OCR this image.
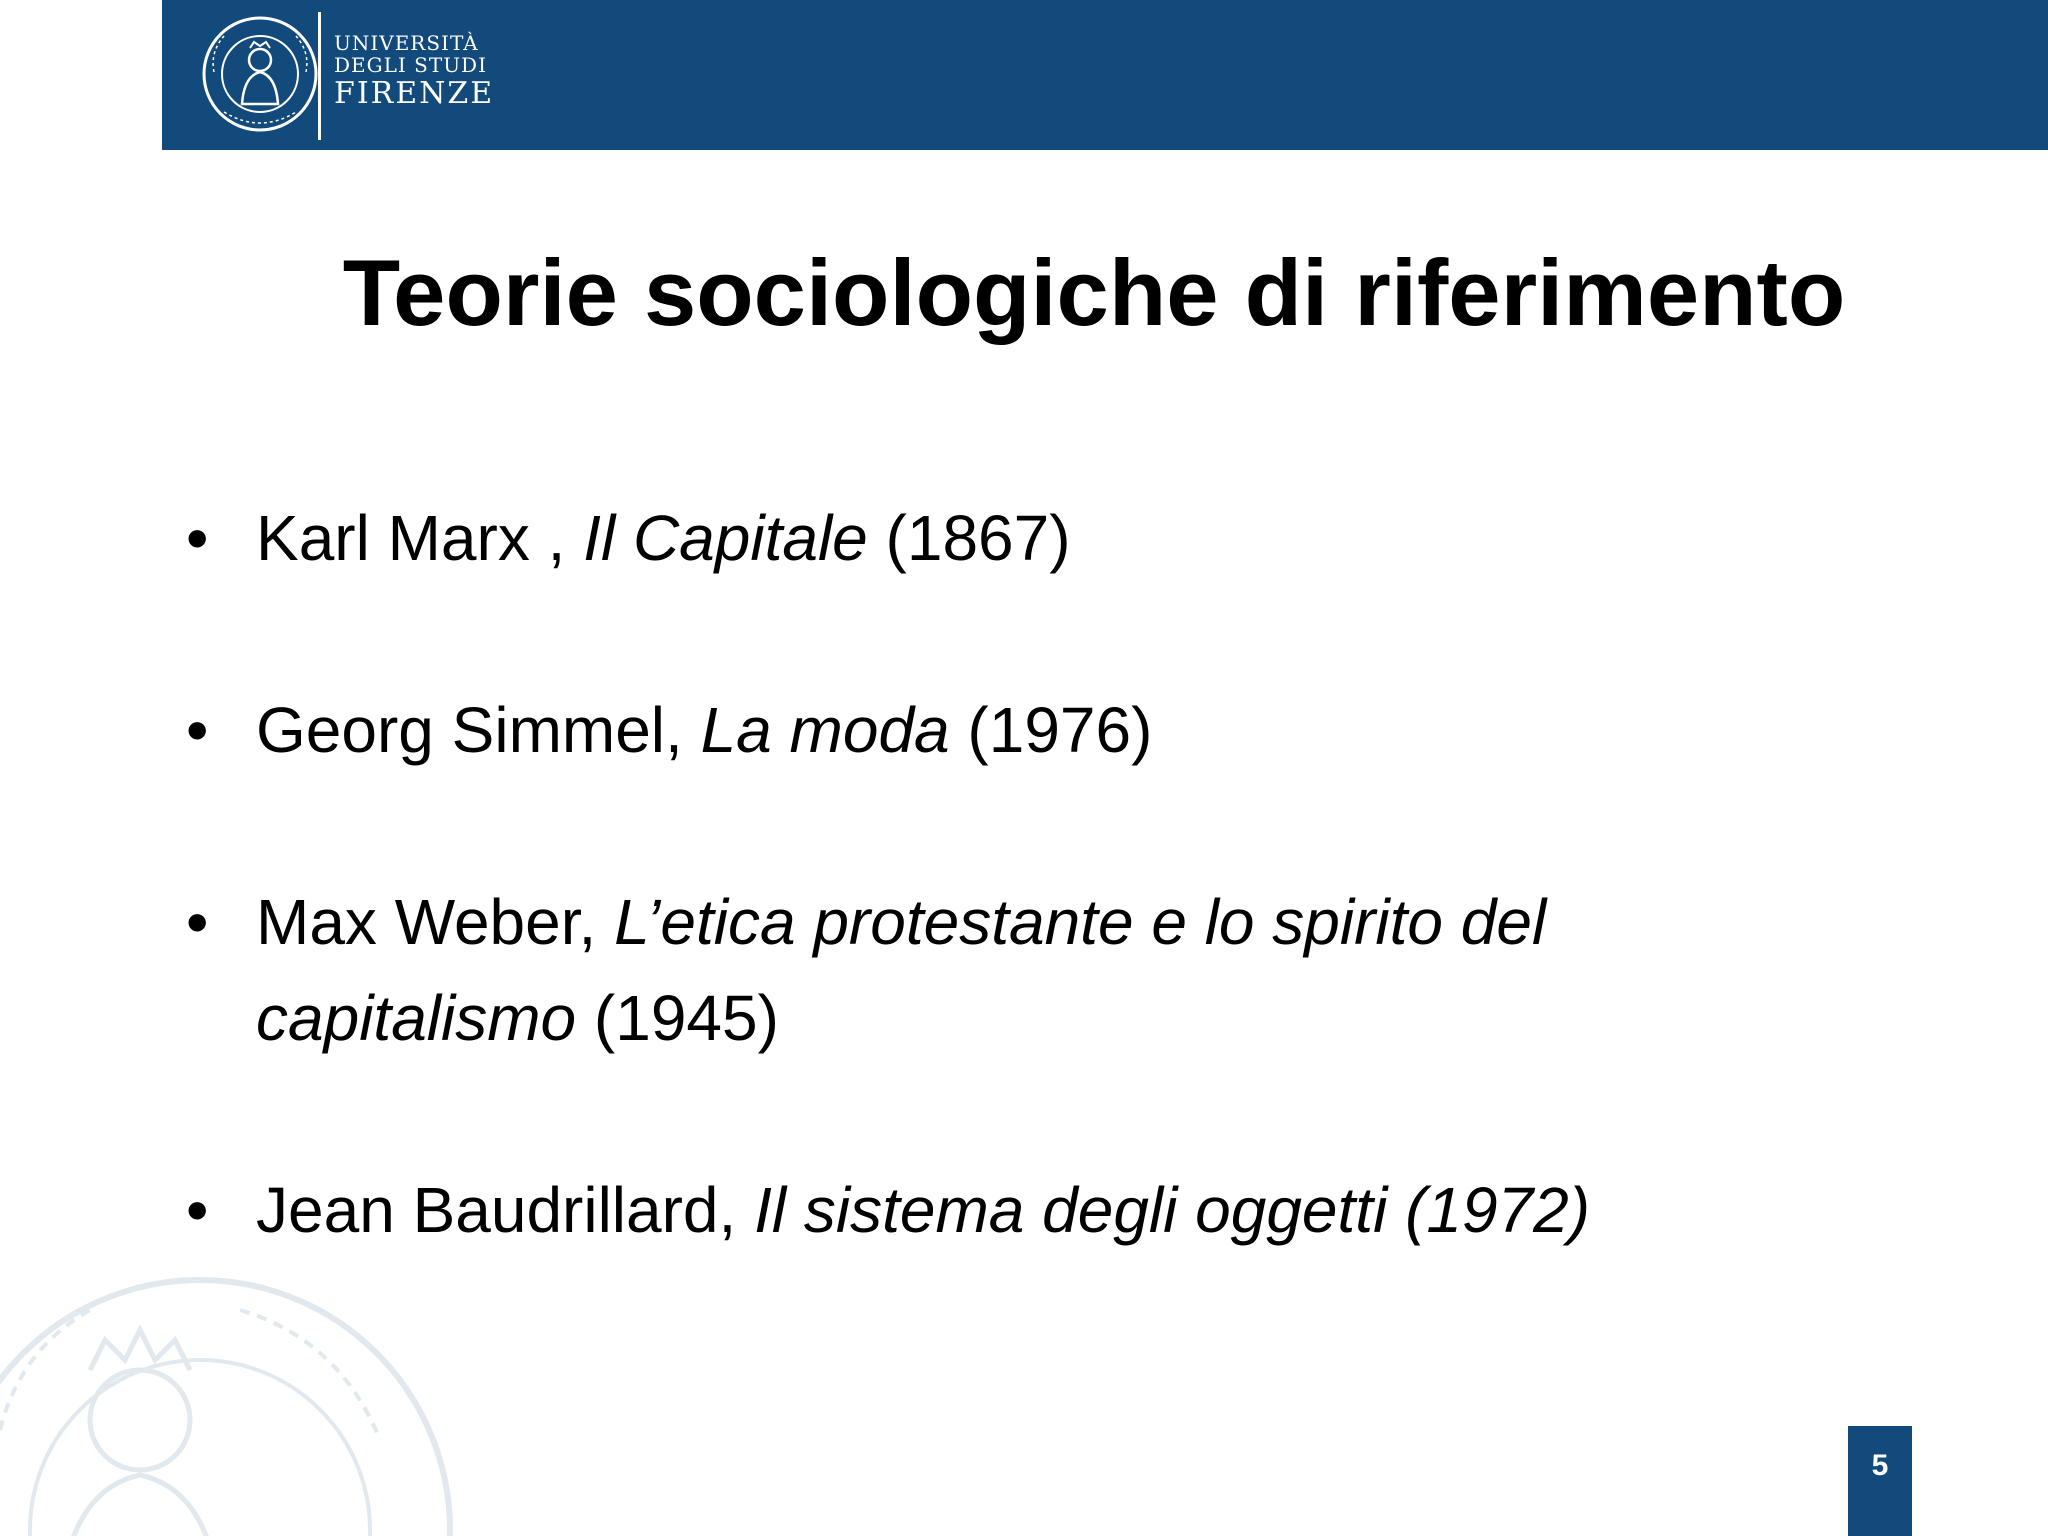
UNIVERSITÀ
DEGLI STUDI
FIRENZE
Teorie sociologiche di riferimento
• Karl Marx , Il Capitale (1867)
• Georg Simmel, La moda (1976)
• Max Weber, L’etica protestante e lo spirito del capitalismo (1945)
• Jean Baudrillard, Il sistema degli oggetti (1972)
5
